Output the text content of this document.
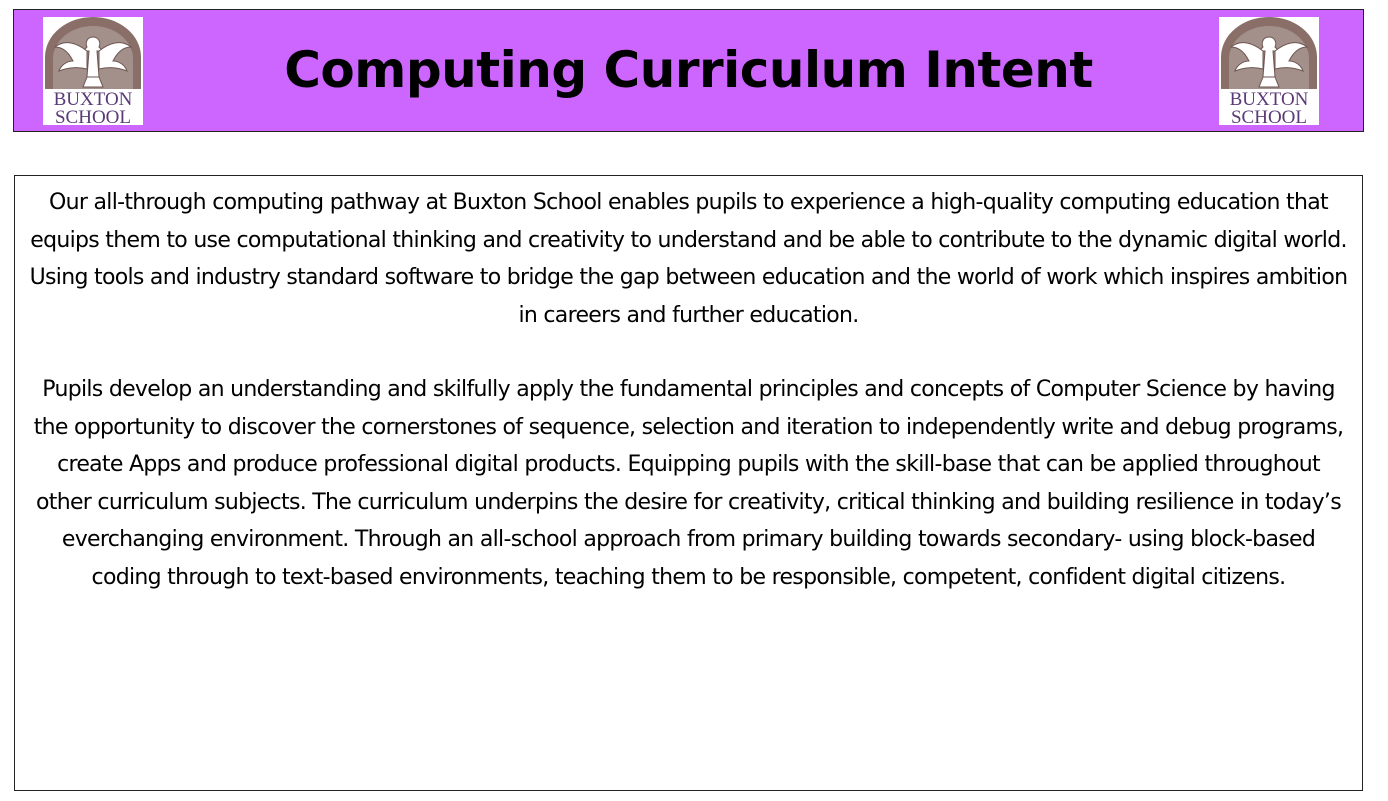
BUXTON
SCHOOL
Computing Curriculum Intent
BUXTON
SCHOOL

Our all-through computing pathway at Buxton School enables pupils to experience a high-quality computing education that equips them to use computational thinking and creativity to understand and be able to contribute to the dynamic digital world. Using tools and industry standard software to bridge the gap between education and the world of work which inspires ambition in careers and further education.

Pupils develop an understanding and skilfully apply the fundamental principles and concepts of Computer Science by having the opportunity to discover the cornerstones of sequence, selection and iteration to independently write and debug programs, create Apps and produce professional digital products. Equipping pupils with the skill-base that can be applied throughout other curriculum subjects. The curriculum underpins the desire for creativity, critical thinking and building resilience in today’s everchanging environment. Through an all-school approach from primary building towards secondary- using block-based coding through to text-based environments, teaching them to be responsible, competent, confident digital citizens.
